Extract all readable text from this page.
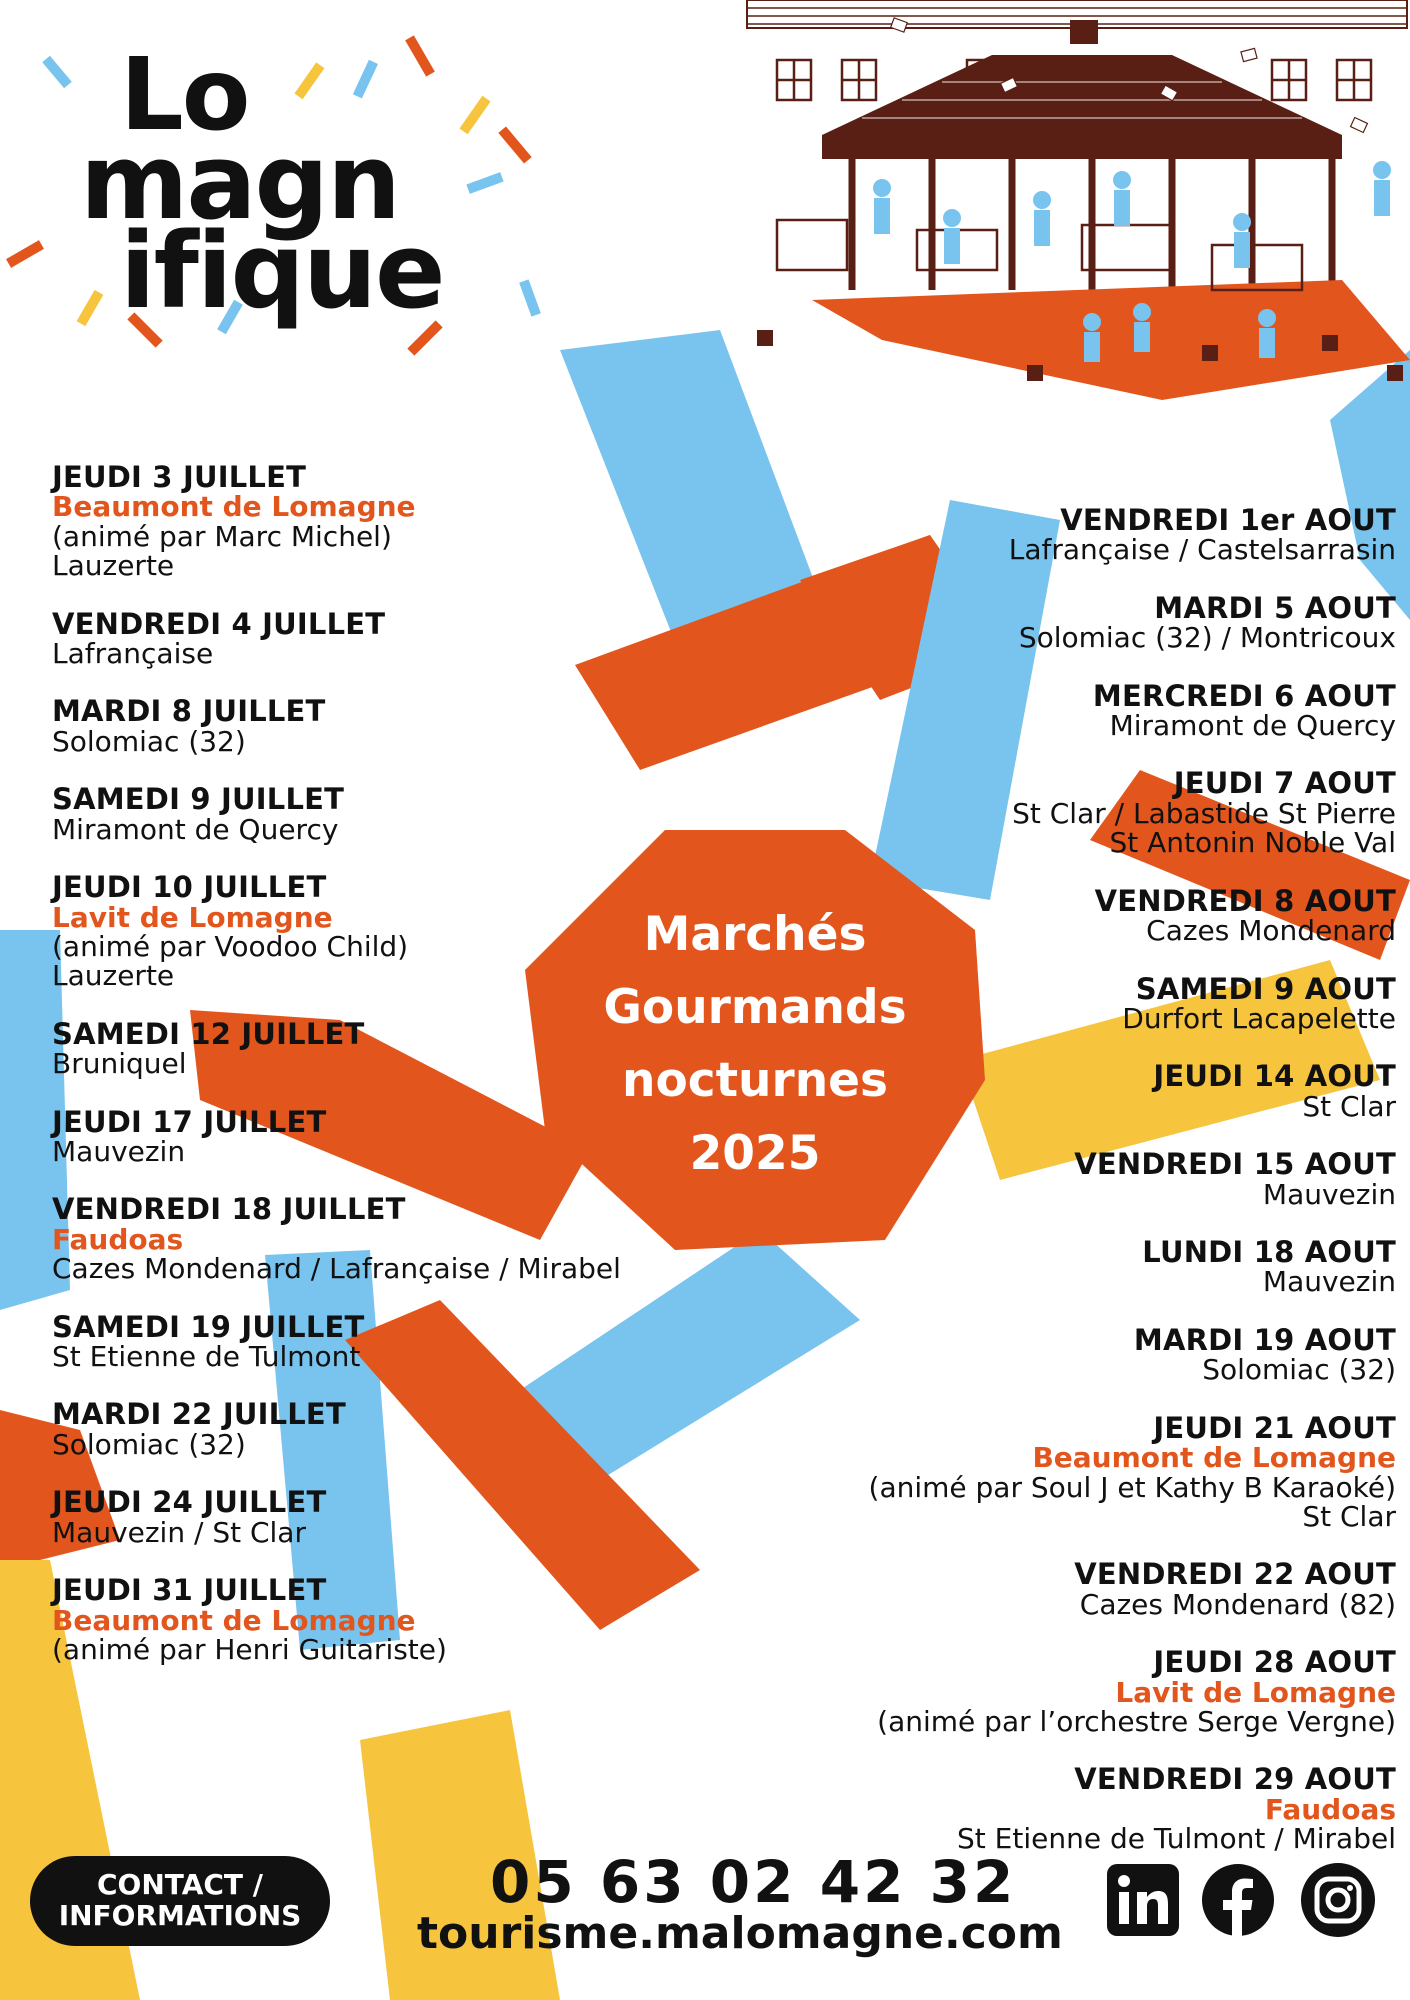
Lo
magn
ifique
Marchés
Gourmands
nocturnes
2025
JEUDI 3 JUILLET
Beaumont de Lomagne
(animé par Marc Michel)
Lauzerte
VENDREDI 4 JUILLET
Lafrançaise
MARDI 8 JUILLET
Solomiac (32)
SAMEDI 9 JUILLET
Miramont de Quercy
JEUDI 10 JUILLET
Lavit de Lomagne
(animé par Voodoo Child)
Lauzerte
SAMEDI 12 JUILLET
Bruniquel
JEUDI 17 JUILLET
Mauvezin
VENDREDI 18 JUILLET
Faudoas
Cazes Mondenard / Lafrançaise / Mirabel
SAMEDI 19 JUILLET
St Etienne de Tulmont
MARDI 22 JUILLET
Solomiac (32)
JEUDI 24 JUILLET
Mauvezin / St Clar
JEUDI 31 JUILLET
Beaumont de Lomagne
(animé par Henri Guitariste)
VENDREDI 1er AOUT
Lafrançaise / Castelsarrasin
MARDI 5 AOUT
Solomiac (32) / Montricoux
MERCREDI 6 AOUT
Miramont de Quercy
JEUDI 7 AOUT
St Clar / Labastide St Pierre
St Antonin Noble Val
VENDREDI 8 AOUT
Cazes Mondenard
SAMEDI 9 AOUT
Durfort Lacapelette
JEUDI 14 AOUT
St Clar
VENDREDI 15 AOUT
Mauvezin
LUNDI 18 AOUT
Mauvezin
MARDI 19 AOUT
Solomiac (32)
JEUDI 21 AOUT
Beaumont de Lomagne
(animé par Soul J et Kathy B Karaoké)
St Clar
VENDREDI 22 AOUT
Cazes Mondenard (82)
JEUDI 28 AOUT
Lavit de Lomagne
(animé par l’orchestre Serge Vergne)
VENDREDI 29 AOUT
Faudoas
St Etienne de Tulmont / Mirabel
CONTACT /
INFORMATIONS	05 63 02 42 32
tourisme.malomagne.com
